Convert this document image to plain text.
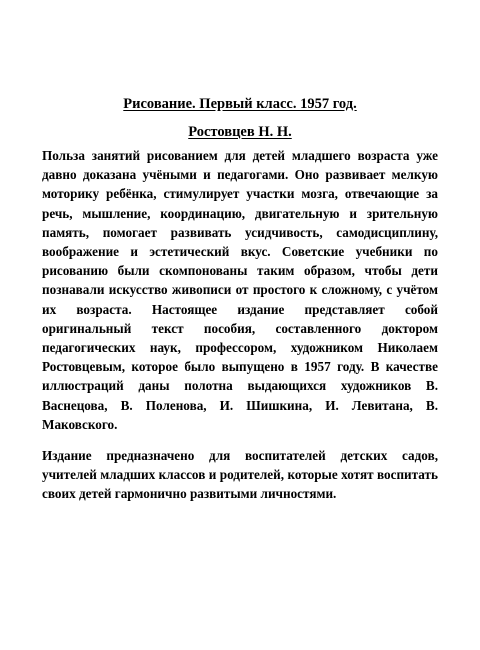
Рисование. Первый класс. 1957 год.
Ростовцев Н. Н.

Польза занятий рисованием для детей младшего возраста уже давно доказана учёными и педагогами. Оно развивает мелкую моторику ребёнка, стимулирует участки мозга, отвечающие за речь, мышление, координацию, двигательную и зрительную память, помогает развивать усидчивость, самодисциплину, воображение и эстетический вкус. Советские учебники по рисованию были скомпонованы таким образом, чтобы дети познавали искусство живописи от простого к сложному, с учётом их возраста. Настоящее издание представляет собой оригинальный текст пособия, составленного доктором педагогических наук, профессором, художником Николаем Ростовцевым, которое было выпущено в 1957 году. В качестве иллюстраций даны полотна выдающихся художников В. Васнецова, В. Поленова, И. Шишкина, И. Левитана, В. Маковского.

Издание предназначено для воспитателей детских садов, учителей младших классов и родителей, которые хотят воспитать своих детей гармонично развитыми личностями.
